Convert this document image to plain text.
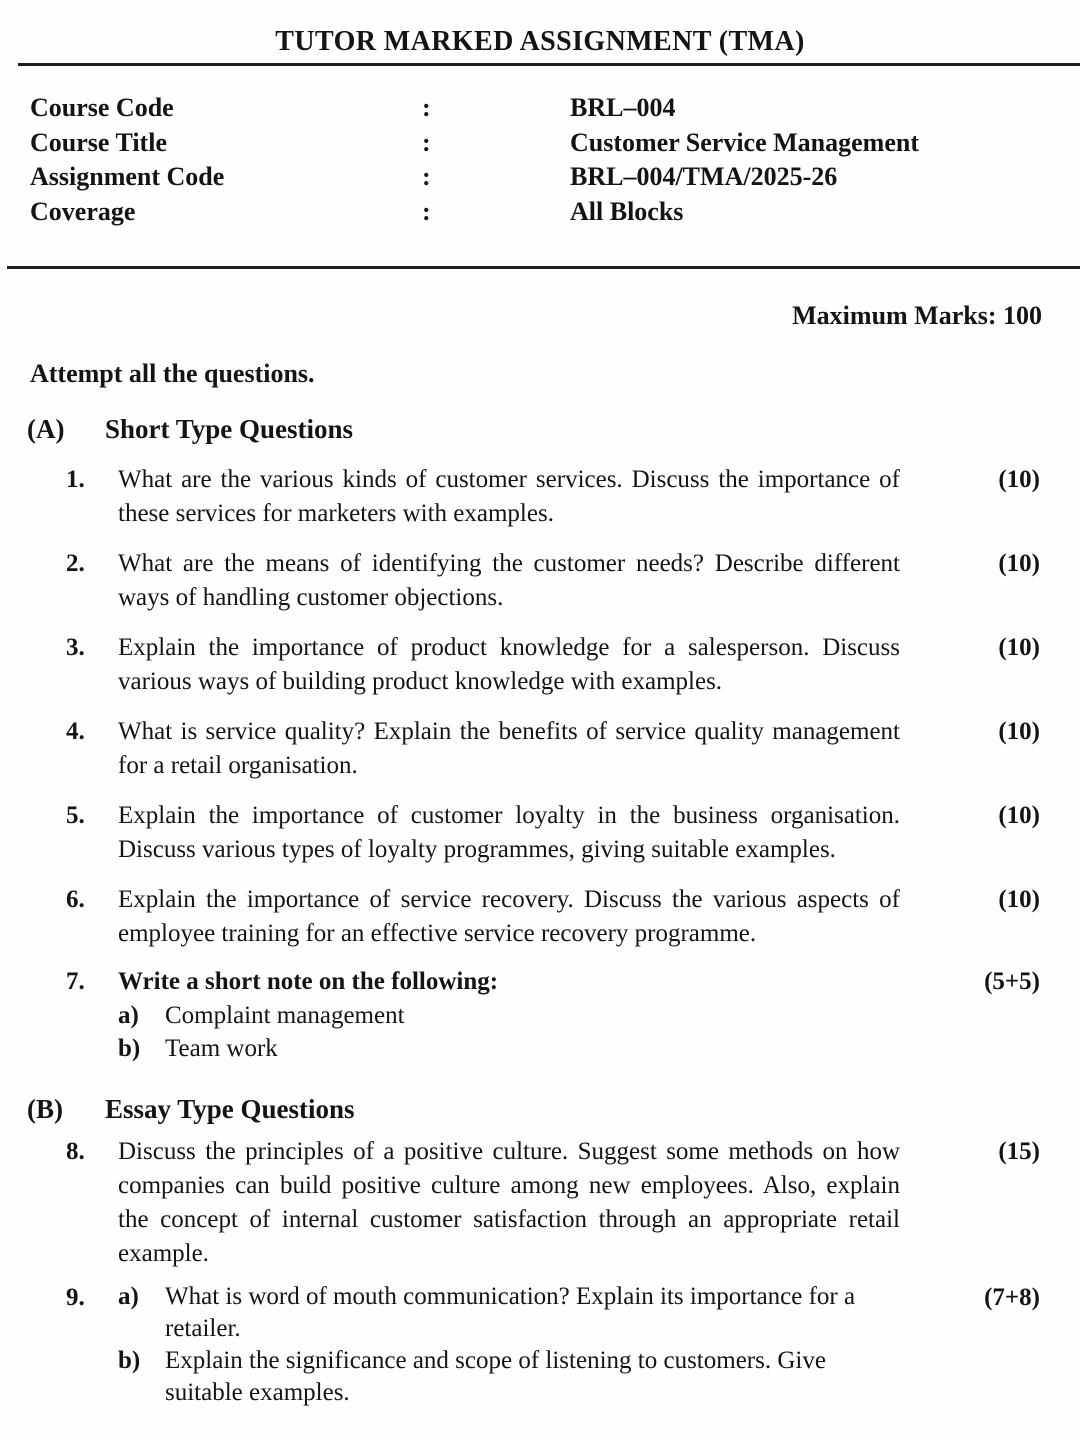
TUTOR MARKED ASSIGNMENT (TMA)
Course Code	:	BRL–004
Course Title	:	Customer Service Management
Assignment Code	:	BRL–004/TMA/2025-26
Coverage	:	All Blocks
Maximum Marks: 100
Attempt all the questions.
(A)	Short Type Questions
1.	What are the various kinds of customer services. Discuss the importance of these services for marketers with examples.
(10)
2.	What are the means of identifying the customer needs? Describe different ways of handling customer objections.
(10)
3.	Explain the importance of product knowledge for a salesperson. Discuss various ways of building product knowledge with examples.
(10)
4.	What is service quality? Explain the benefits of service quality management for a retail organisation.
(10)
5.	Explain the importance of customer loyalty in the business organisation. Discuss various types of loyalty programmes, giving suitable examples.
(10)
6.	Explain the importance of service recovery. Discuss the various aspects of employee training for an effective service recovery programme.
(10)
7.	Write a short note on the following:
a)	Complaint management
b) Team work
(5+5)
(B)	Essay Type Questions
8.	Discuss the principles of a positive culture. Suggest some methods on how companies can build positive culture among new employees. Also, explain the concept of internal customer satisfaction through an appropriate retail example.
(15)
9.	a)	What is word of mouth communication? Explain its importance for a retailer.
b) Explain the significance and scope of listening to customers. Give suitable examples.
(7+8)
